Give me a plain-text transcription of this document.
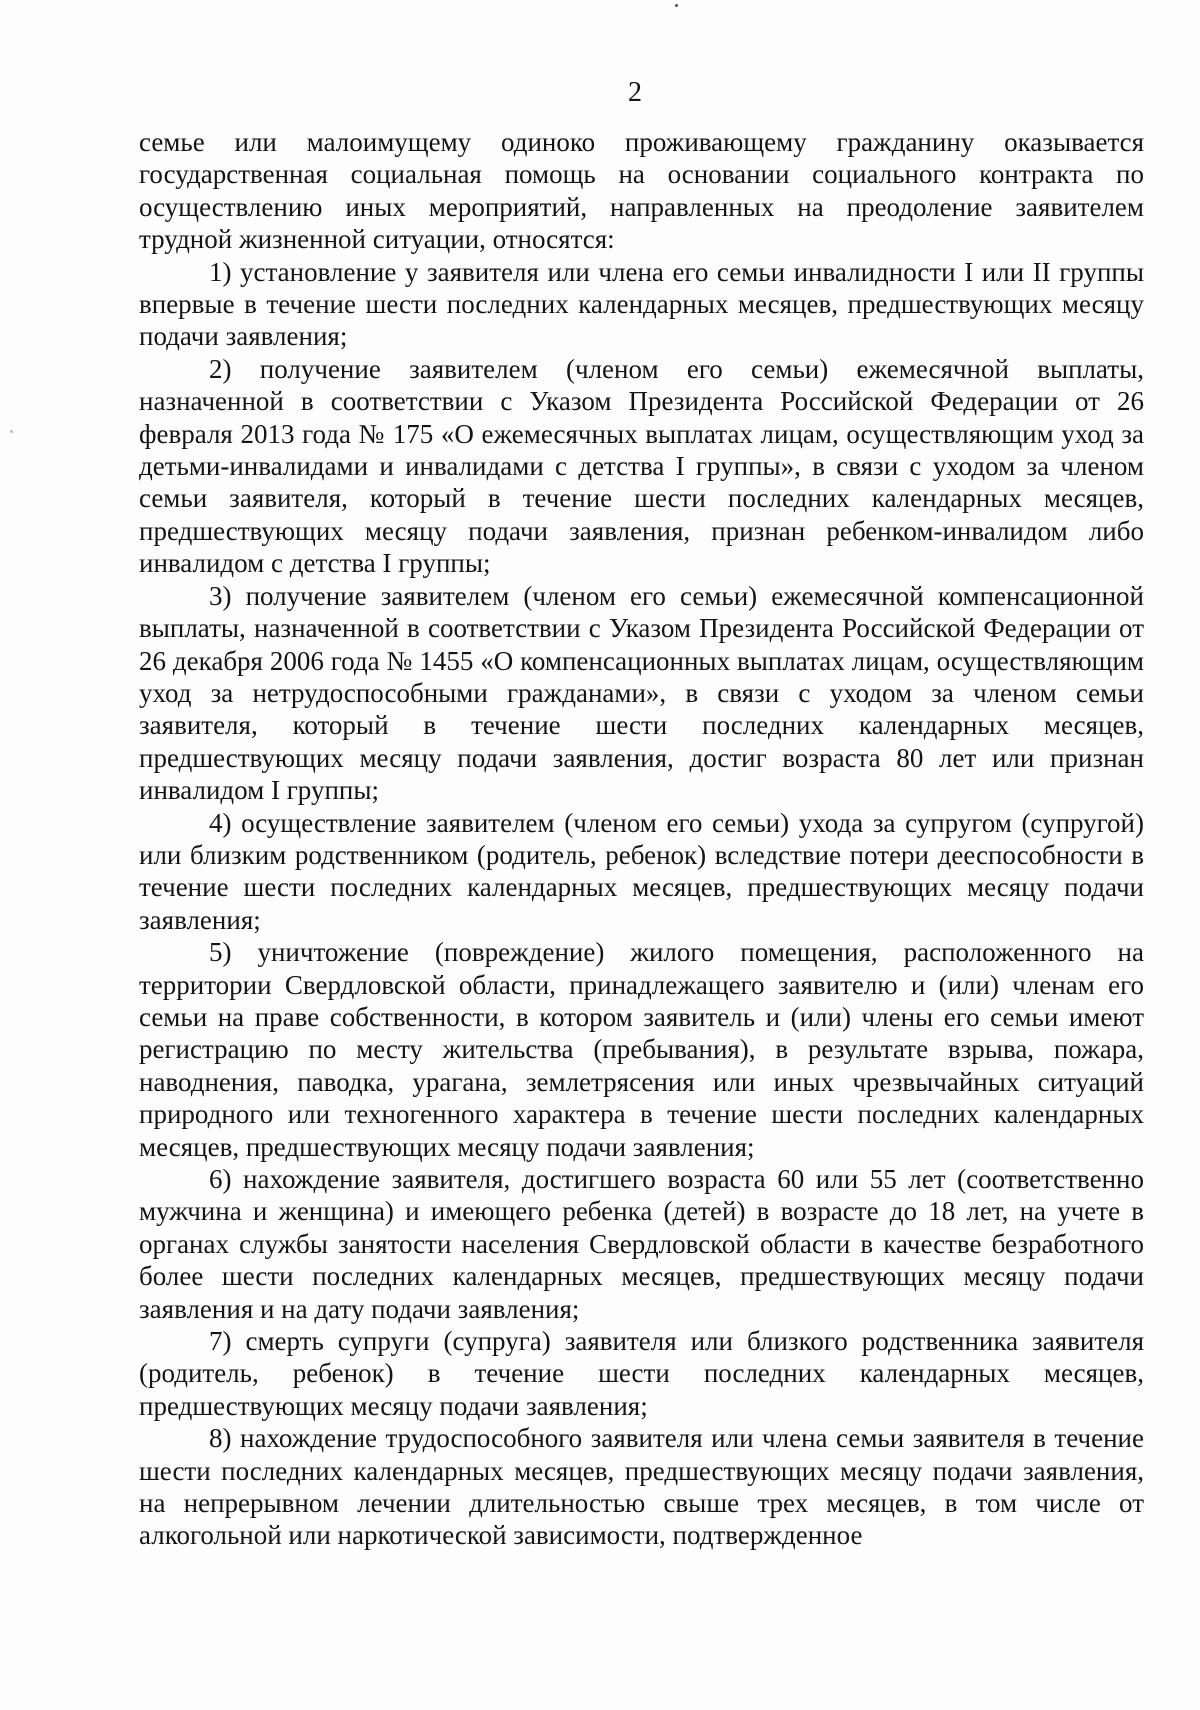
2

семье или малоимущему одиноко проживающему гражданину оказывается государственная социальная помощь на основании социального контракта по осуществлению иных мероприятий, направленных на преодоление заявителем трудной жизненной ситуации, относятся:

1) установление у заявителя или члена его семьи инвалидности I или II группы впервые в течение шести последних календарных месяцев, предшествующих месяцу подачи заявления;

2) получение заявителем (членом его семьи) ежемесячной выплаты, назначенной в соответствии с Указом Президента Российской Федерации от 26 февраля 2013 года № 175 «О ежемесячных выплатах лицам, осуществляющим уход за детьми-инвалидами и инвалидами с детства I группы», в связи с уходом за членом семьи заявителя, который в течение шести последних календарных месяцев, предшествующих месяцу подачи заявления, признан ребенком-инвалидом либо инвалидом с детства I группы;

3) получение заявителем (членом его семьи) ежемесячной компенсационной выплаты, назначенной в соответствии с Указом Президента Российской Федерации от 26 декабря 2006 года № 1455 «О компенсационных выплатах лицам, осуществляющим уход за нетрудоспособными гражданами», в связи с уходом за членом семьи заявителя, который в течение шести последних календарных месяцев, предшествующих месяцу подачи заявления, достиг возраста 80 лет или признан инвалидом I группы;

4) осуществление заявителем (членом его семьи) ухода за супругом (супругой) или близким родственником (родитель, ребенок) вследствие потери дееспособности в течение шести последних календарных месяцев, предшествующих месяцу подачи заявления;

5) уничтожение (повреждение) жилого помещения, расположенного на территории Свердловской области, принадлежащего заявителю и (или) членам его семьи на праве собственности, в котором заявитель и (или) члены его семьи имеют регистрацию по месту жительства (пребывания), в результате взрыва, пожара, наводнения, паводка, урагана, землетрясения или иных чрезвычайных ситуаций природного или техногенного характера в течение шести последних календарных месяцев, предшествующих месяцу подачи заявления;

6) нахождение заявителя, достигшего возраста 60 или 55 лет (соответственно мужчина и женщина) и имеющего ребенка (детей) в возрасте до 18 лет, на учете в органах службы занятости населения Свердловской области в качестве безработного более шести последних календарных месяцев, предшествующих месяцу подачи заявления и на дату подачи заявления;

7) смерть супруги (супруга) заявителя или близкого родственника заявителя (родитель, ребенок) в течение шести последних календарных месяцев, предшествующих месяцу подачи заявления;

8) нахождение трудоспособного заявителя или члена семьи заявителя в течение шести последних календарных месяцев, предшествующих месяцу подачи заявления, на непрерывном лечении длительностью свыше трех месяцев, в том числе от алкогольной или наркотической зависимости, подтвержденное
